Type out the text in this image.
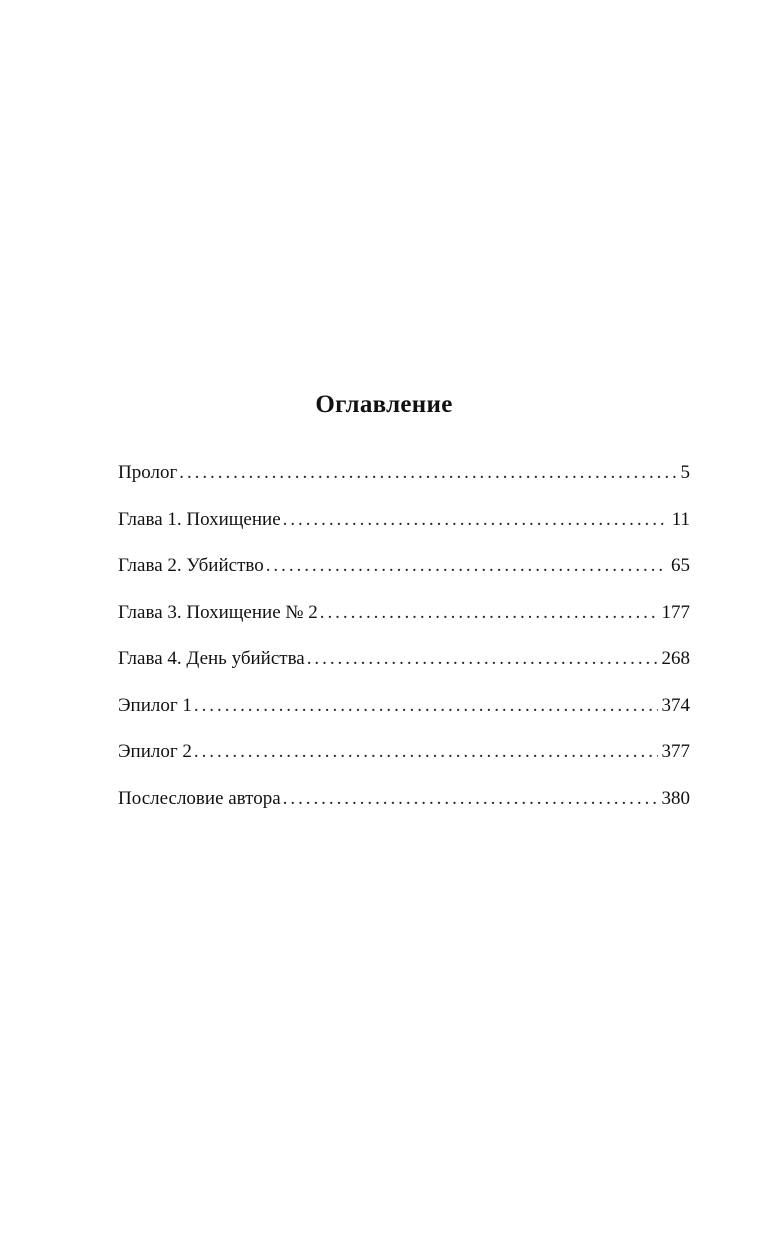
Оглавление
Пролог . . .	5
Глава 1. Похищение . . .	11
Глава 2. Убийство . . .	65
Глава 3. Похищение № 2 . . .	177
Глава 4. День убийства . . .	268
Эпилог 1 . . .	374
Эпилог 2 . . .	377
Послесловие автора . . .	380
